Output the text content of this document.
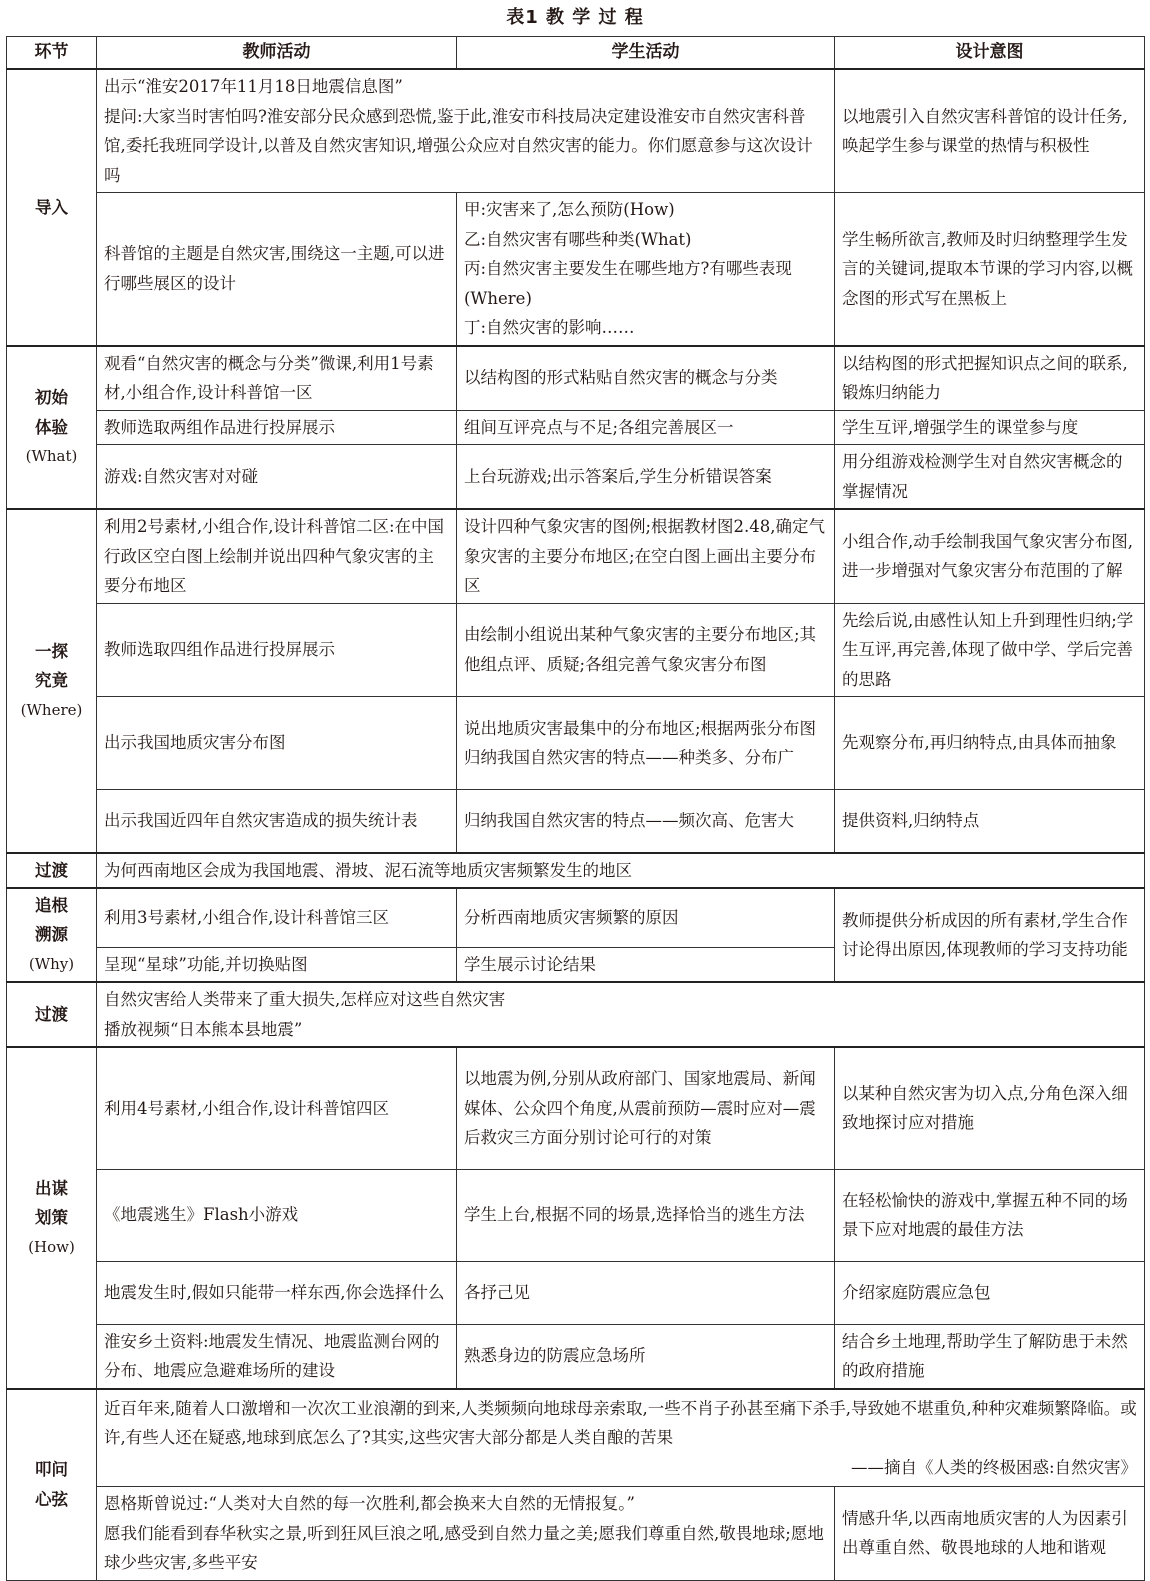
表1 教 学 过 程
环节	教师活动	学生活动	设计意图

导入	出示“淮安2017年11月18日地震信息图”
提问:大家当时害怕吗?淮安部分民众感到恐慌,鉴于此,淮安市科技局决定建设淮安市自然灾害科普馆,委托我班同学设计,以普及自然灾害知识,增强公众应对自然灾害的能力。你们愿意参与这次设计吗		以地震引入自然灾害科普馆的设计任务,唤起学生参与课堂的热情与积极性
	科普馆的主题是自然灾害,围绕这一主题,可以进行哪些展区的设计	甲:灾害来了,怎么预防(How)
乙:自然灾害有哪些种类(What)
丙:自然灾害主要发生在哪些地方?有哪些表现(Where)
丁:自然灾害的影响……	学生畅所欲言,教师及时归纳整理学生发言的关键词,提取本节课的学习内容,以概念图的形式写在黑板上

初始
体验
(What)	观看“自然灾害的概念与分类”微课,利用1号素材,小组合作,设计科普馆一区	以结构图的形式粘贴自然灾害的概念与分类	以结构图的形式把握知识点之间的联系,锻炼归纳能力
	教师选取两组作品进行投屏展示	组间互评亮点与不足;各组完善展区一	学生互评,增强学生的课堂参与度
	游戏:自然灾害对对碰	上台玩游戏;出示答案后,学生分析错误答案	用分组游戏检测学生对自然灾害概念的掌握情况

一探
究竟
(Where)	利用2号素材,小组合作,设计科普馆二区:在中国行政区空白图上绘制并说出四种气象灾害的主要分布地区	设计四种气象灾害的图例;根据教材图2.48,确定气象灾害的主要分布地区;在空白图上画出主要分布区	小组合作,动手绘制我国气象灾害分布图,进一步增强对气象灾害分布范围的了解
	教师选取四组作品进行投屏展示	由绘制小组说出某种气象灾害的主要分布地区;其他组点评、质疑;各组完善气象灾害分布图	先绘后说,由感性认知上升到理性归纳;学生互评,再完善,体现了做中学、学后完善的思路
	出示我国地质灾害分布图	说出地质灾害最集中的分布地区;根据两张分布图归纳我国自然灾害的特点——种类多、分布广	先观察分布,再归纳特点,由具体而抽象
	出示我国近四年自然灾害造成的损失统计表	归纳我国自然灾害的特点——频次高、危害大	提供资料,归纳特点

过渡	为何西南地区会成为我国地震、滑坡、泥石流等地质灾害频繁发生的地区		

追根
溯源
(Why)	利用3号素材,小组合作,设计科普馆三区	分析西南地质灾害频繁的原因	教师提供分析成因的所有素材,学生合作讨论得出原因,体现教师的学习支持功能
	呈现“星球”功能,并切换贴图	学生展示讨论结果	

过渡	自然灾害给人类带来了重大损失,怎样应对这些自然灾害
播放视频“日本熊本县地震”		

出谋
划策
(How)	利用4号素材,小组合作,设计科普馆四区	以地震为例,分别从政府部门、国家地震局、新闻媒体、公众四个角度,从震前预防—震时应对—震后救灾三方面分别讨论可行的对策	以某种自然灾害为切入点,分角色深入细致地探讨应对措施
	《地震逃生》Flash小游戏	学生上台,根据不同的场景,选择恰当的逃生方法	在轻松愉快的游戏中,掌握五种不同的场景下应对地震的最佳方法
	地震发生时,假如只能带一样东西,你会选择什么	各抒己见	介绍家庭防震应急包
	淮安乡土资料:地震发生情况、地震监测台网的分布、地震应急避难场所的建设	熟悉身边的防震应急场所	结合乡土地理,帮助学生了解防患于未然的政府措施

叩问
心弦	近百年来,随着人口激增和一次次工业浪潮的到来,人类频频向地球母亲索取,一些不肖子孙甚至痛下杀手,导致她不堪重负,种种灾难频繁降临。或许,有些人还在疑惑,地球到底怎么了?其实,这些灾害大部分都是人类自酿的苦果
——摘自《人类的终极困惑:自然灾害》		

	恩格斯曾说过:“人类对大自然的每一次胜利,都会换来大自然的无情报复。”
愿我们能看到春华秋实之景,听到狂风巨浪之吼,感受到自然力量之美;愿我们尊重自然,敬畏地球;愿地球少些灾害,多些平安		情感升华,以西南地质灾害的人为因素引出尊重自然、敬畏地球的人地和谐观
